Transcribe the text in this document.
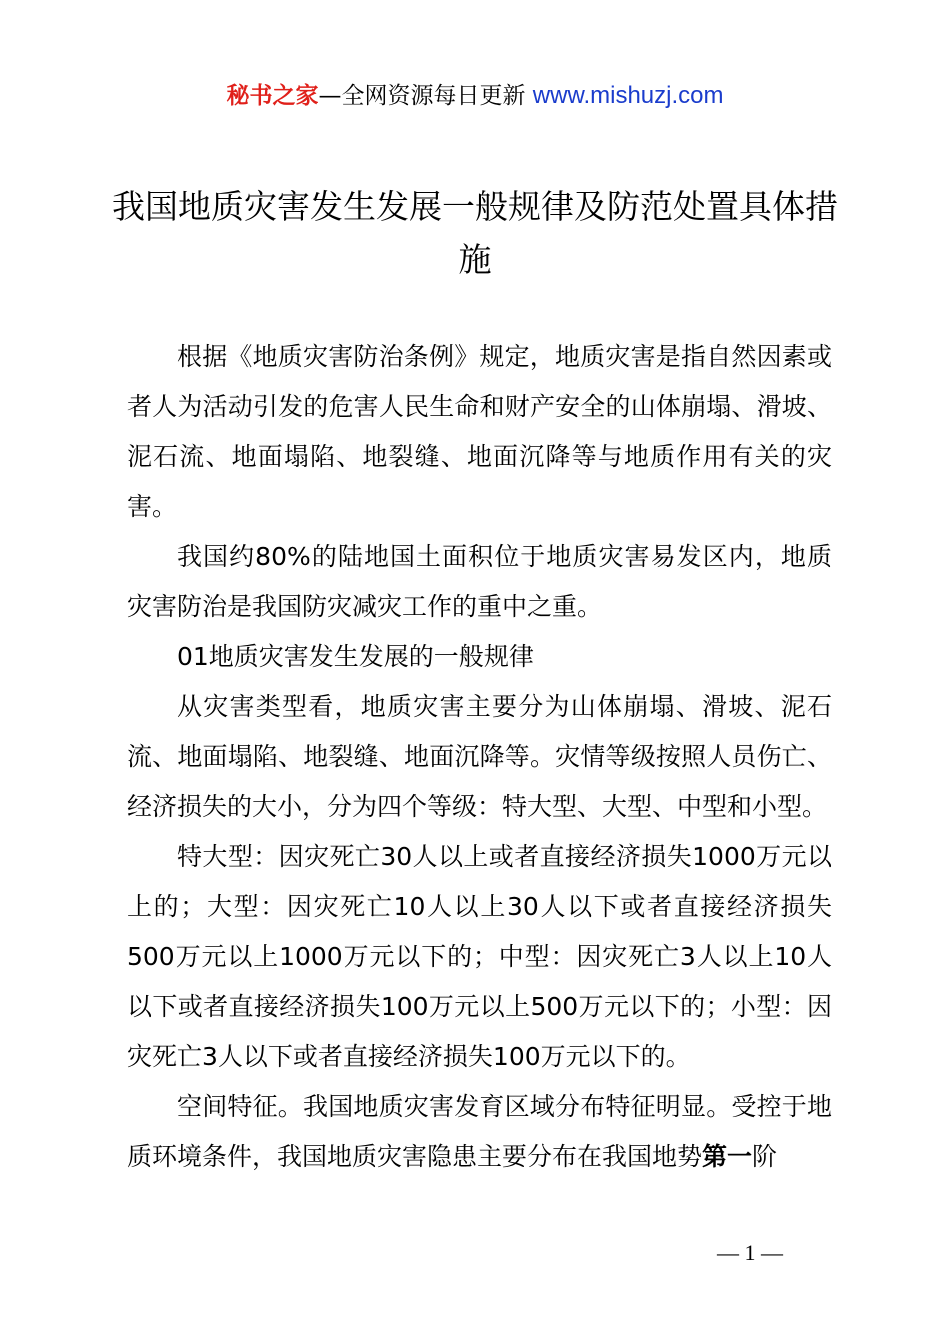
秘书之家—全网资源每日更新 www.mishuzj.com
我国地质灾害发生发展一般规律及防范处置具体措施

根据《地质灾害防治条例》规定，地质灾害是指自然因素或者人为活动引发的危害人民生命和财产安全的山体崩塌、滑坡、泥石流、地面塌陷、地裂缝、地面沉降等与地质作用有关的灾害。

我国约80%的陆地国土面积位于地质灾害易发区内，地质灾害防治是我国防灾减灾工作的重中之重。

01地质灾害发生发展的一般规律

从灾害类型看，地质灾害主要分为山体崩塌、滑坡、泥石流、地面塌陷、地裂缝、地面沉降等。灾情等级按照人员伤亡、经济损失的大小，分为四个等级：特大型、大型、中型和小型。

特大型：因灾死亡30人以上或者直接经济损失1000万元以上的；大型：因灾死亡10人以上30人以下或者直接经济损失500万元以上1000万元以下的；中型：因灾死亡3人以上10人以下或者直接经济损失100万元以上500万元以下的；小型：因灾死亡3人以下或者直接经济损失100万元以下的。

空间特征。我国地质灾害发育区域分布特征明显。受控于地质环境条件，我国地质灾害隐患主要分布在我国地势第一阶

— 1 —
